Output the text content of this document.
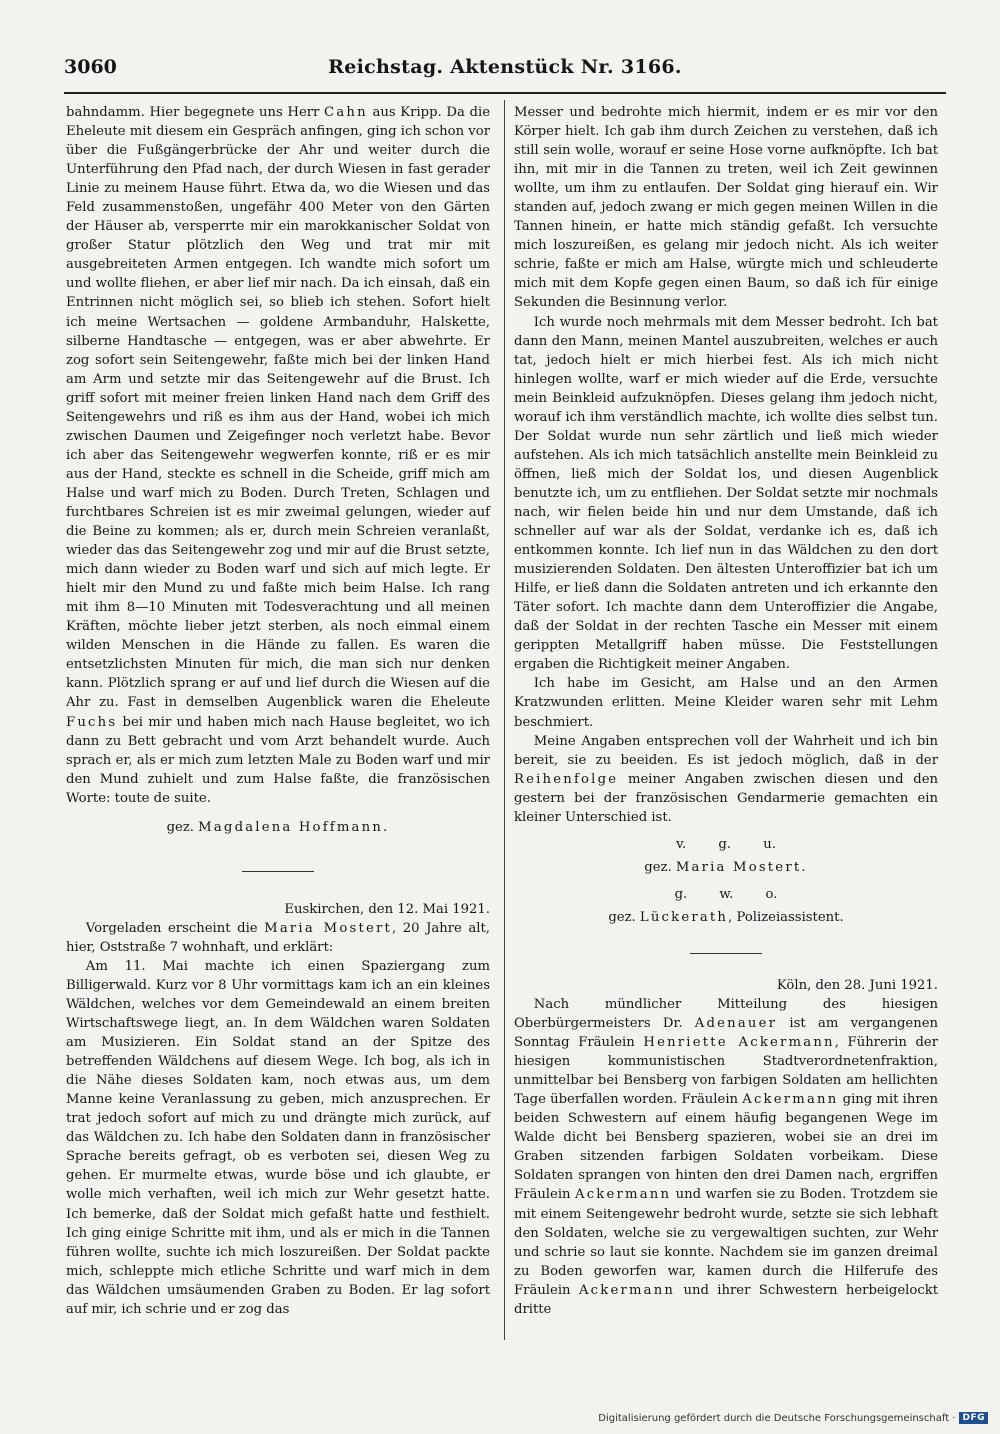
3060	Reichstag. Aktenstück Nr. 3166.

bahndamm. Hier begegnete uns Herr Cahn aus Kripp. Da die Eheleute mit diesem ein Gespräch anfingen, ging ich schon vor über die Fußgängerbrücke der Ahr und weiter durch die Unterführung den Pfad nach, der durch Wiesen in fast gerader Linie zu meinem Hause führt. Etwa da, wo die Wiesen und das Feld zusammenstoßen, ungefähr 400 Meter von den Gärten der Häuser ab, versperrte mir ein marokkanischer Soldat von großer Statur plötzlich den Weg und trat mir mit ausgebreiteten Armen entgegen. Ich wandte mich sofort um und wollte fliehen, er aber lief mir nach. Da ich einsah, daß ein Entrinnen nicht möglich sei, so blieb ich stehen. Sofort hielt ich meine Wertsachen — goldene Armbanduhr, Halskette, silberne Handtasche — entgegen, was er aber abwehrte. Er zog sofort sein Seitengewehr, faßte mich bei der linken Hand am Arm und setzte mir das Seitengewehr auf die Brust. Ich griff sofort mit meiner freien linken Hand nach dem Griff des Seitengewehrs und riß es ihm aus der Hand, wobei ich mich zwischen Daumen und Zeigefinger noch verletzt habe. Bevor ich aber das Seitengewehr wegwerfen konnte, riß er es mir aus der Hand, steckte es schnell in die Scheide, griff mich am Halse und warf mich zu Boden. Durch Treten, Schlagen und furchtbares Schreien ist es mir zweimal gelungen, wieder auf die Beine zu kommen; als er, durch mein Schreien veranlaßt, wieder das das Seitengewehr zog und mir auf die Brust setzte, mich dann wieder zu Boden warf und sich auf mich legte. Er hielt mir den Mund zu und faßte mich beim Halse. Ich rang mit ihm 8—10 Minuten mit Todesverachtung und all meinen Kräften, möchte lieber jetzt sterben, als noch einmal einem wilden Menschen in die Hände zu fallen. Es waren die entsetzlichsten Minuten für mich, die man sich nur denken kann. Plötzlich sprang er auf und lief durch die Wiesen auf die Ahr zu. Fast in demselben Augenblick waren die Eheleute Fuchs bei mir und haben mich nach Hause begleitet, wo ich dann zu Bett gebracht und vom Arzt behandelt wurde. Auch sprach er, als er mich zum letzten Male zu Boden warf und mir den Mund zuhielt und zum Halse faßte, die französischen Worte: toute de suite.

gez. Magdalena Hoffmann.

Euskirchen, den 12. Mai 1921.

Vorgeladen erscheint die Maria Mostert, 20 Jahre alt, hier, Oststraße 7 wohnhaft, und erklärt:

Am 11. Mai machte ich einen Spaziergang zum Billigerwald. Kurz vor 8 Uhr vormittags kam ich an ein kleines Wäldchen, welches vor dem Gemeindewald an einem breiten Wirtschaftswege liegt, an. In dem Wäldchen waren Soldaten am Musizieren. Ein Soldat stand an der Spitze des betreffenden Wäldchens auf diesem Wege. Ich bog, als ich in die Nähe dieses Soldaten kam, noch etwas aus, um dem Manne keine Veranlassung zu geben, mich anzusprechen. Er trat jedoch sofort auf mich zu und drängte mich zurück, auf das Wäldchen zu. Ich habe den Soldaten dann in französischer Sprache bereits gefragt, ob es verboten sei, diesen Weg zu gehen. Er murmelte etwas, wurde böse und ich glaubte, er wolle mich verhaften, weil ich mich zur Wehr gesetzt hatte. Ich bemerke, daß der Soldat mich gefaßt hatte und festhielt. Ich ging einige Schritte mit ihm, und als er mich in die Tannen führen wollte, suchte ich mich loszureißen. Der Soldat packte mich, schleppte mich etliche Schritte und warf mich in dem das Wäldchen umsäumenden Graben zu Boden. Er lag sofort auf mir, ich schrie und er zog das

Messer und bedrohte mich hiermit, indem er es mir vor den Körper hielt. Ich gab ihm durch Zeichen zu verstehen, daß ich still sein wolle, worauf er seine Hose vorne aufknöpfte. Ich bat ihn, mit mir in die Tannen zu treten, weil ich Zeit gewinnen wollte, um ihm zu entlaufen. Der Soldat ging hierauf ein. Wir standen auf, jedoch zwang er mich gegen meinen Willen in die Tannen hinein, er hatte mich ständig gefaßt. Ich versuchte mich loszureißen, es gelang mir jedoch nicht. Als ich weiter schrie, faßte er mich am Halse, würgte mich und schleuderte mich mit dem Kopfe gegen einen Baum, so daß ich für einige Sekunden die Besinnung verlor.

Ich wurde noch mehrmals mit dem Messer bedroht. Ich bat dann den Mann, meinen Mantel auszubreiten, welches er auch tat, jedoch hielt er mich hierbei fest. Als ich mich nicht hinlegen wollte, warf er mich wieder auf die Erde, versuchte mein Beinkleid aufzuknöpfen. Dieses gelang ihm jedoch nicht, worauf ich ihm verständlich machte, ich wollte dies selbst tun. Der Soldat wurde nun sehr zärtlich und ließ mich wieder aufstehen. Als ich mich tatsächlich anstellte mein Beinkleid zu öffnen, ließ mich der Soldat los, und diesen Augenblick benutzte ich, um zu entfliehen. Der Soldat setzte mir nochmals nach, wir fielen beide hin und nur dem Umstande, daß ich schneller auf war als der Soldat, verdanke ich es, daß ich entkommen konnte. Ich lief nun in das Wäldchen zu den dort musizierenden Soldaten. Den ältesten Unteroffizier bat ich um Hilfe, er ließ dann die Soldaten antreten und ich erkannte den Täter sofort. Ich machte dann dem Unteroffizier die Angabe, daß der Soldat in der rechten Tasche ein Messer mit einem gerippten Metallgriff haben müsse. Die Feststellungen ergaben die Richtigkeit meiner Angaben.

Ich habe im Gesicht, am Halse und an den Armen Kratzwunden erlitten. Meine Kleider waren sehr mit Lehm beschmiert.

Meine Angaben entsprechen voll der Wahrheit und ich bin bereit, sie zu beeiden. Es ist jedoch möglich, daß in der Reihenfolge meiner Angaben zwischen diesen und den gestern bei der französischen Gendarmerie gemachten ein kleiner Unterschied ist.

v. g. u.

gez. Maria Mostert.

g. w. o.

gez. Lückerath, Polizeiassistent.

Köln, den 28. Juni 1921.

Nach mündlicher Mitteilung des hiesigen Oberbürgermeisters Dr. Adenauer ist am vergangenen Sonntag Fräulein Henriette Ackermann, Führerin der hiesigen kommunistischen Stadtverordnetenfraktion, unmittelbar bei Bensberg von farbigen Soldaten am hellichten Tage überfallen worden. Fräulein Ackermann ging mit ihren beiden Schwestern auf einem häufig begangenen Wege im Walde dicht bei Bensberg spazieren, wobei sie an drei im Graben sitzenden farbigen Soldaten vorbeikam. Diese Soldaten sprangen von hinten den drei Damen nach, ergriffen Fräulein Ackermann und warfen sie zu Boden. Trotzdem sie mit einem Seitengewehr bedroht wurde, setzte sie sich lebhaft den Soldaten, welche sie zu vergewaltigen suchten, zur Wehr und schrie so laut sie konnte. Nachdem sie im ganzen dreimal zu Boden geworfen war, kamen durch die Hilferufe des Fräulein Ackermann und ihrer Schwestern herbeigelockt dritte

Digitalisierung gefördert durch die Deutsche Forschungsgemeinschaft · DFG
